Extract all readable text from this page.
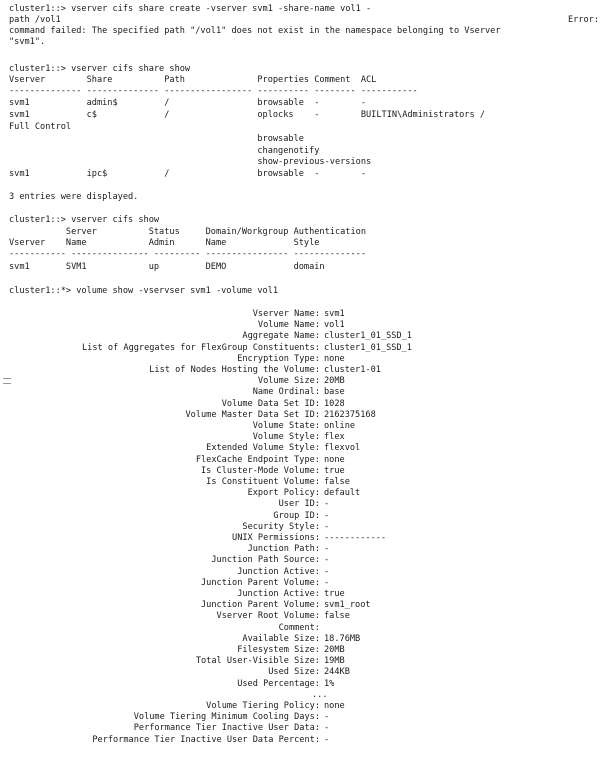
cluster1::> vserver cifs share create -vserver svm1 -share-name vol1 -
path /vol1	Error:
command failed: The specified path "/vol1" does not exist in the namespace belonging to Vserver
"svm1".
cluster1::> vserver cifs share show
Vserver        Share          Path              Properties Comment  ACL
-------------- -------------- ----------------- ---------- -------- -----------
svm1           admin$         /                 browsable  -        -
svm1           c$             /                 oplocks    -        BUILTIN\Administrators /
Full Control
browsable
changenotify
show-previous-versions
svm1           ipc$           /                 browsable  -        -
3 entries were displayed.
cluster1::> vserver cifs show
Server          Status     Domain/Workgroup Authentication
Vserver    Name            Admin      Name             Style
----------- --------------- --------- ---------------- --------------
svm1       SVM1            up         DEMO             domain
cluster1::*> volume show -vservser svm1 -volume vol1
Vserver Name: svm1
Volume Name: vol1
Aggregate Name: cluster1_01_SSD_1
List of Aggregates for FlexGroup Constituents: cluster1_01_SSD_1
Encryption Type: none
List of Nodes Hosting the Volume: cluster1-01
Volume Size: 20MB
Name Ordinal: base
Volume Data Set ID: 1028
Volume Master Data Set ID: 2162375168
Volume State: online
Volume Style: flex
Extended Volume Style: flexvol
FlexCache Endpoint Type: none
Is Cluster-Mode Volume: true
Is Constituent Volume: false
Export Policy: default
User ID: -
Group ID: -
Security Style: -
UNIX Permissions: ------------
Junction Path: -
Junction Path Source: -
Junction Active: -
Junction Parent Volume: -
Junction Active: true
Junction Parent Volume: svm1_root
Vserver Root Volume: false
Comment:
Available Size: 18.76MB
Filesystem Size: 20MB
Total User-Visible Size: 19MB
Used Size: 244KB
Used Percentage: 1%
...
Volume Tiering Policy: none
Volume Tiering Minimum Cooling Days: -
Performance Tier Inactive User Data: -
Performance Tier Inactive User Data Percent: -
